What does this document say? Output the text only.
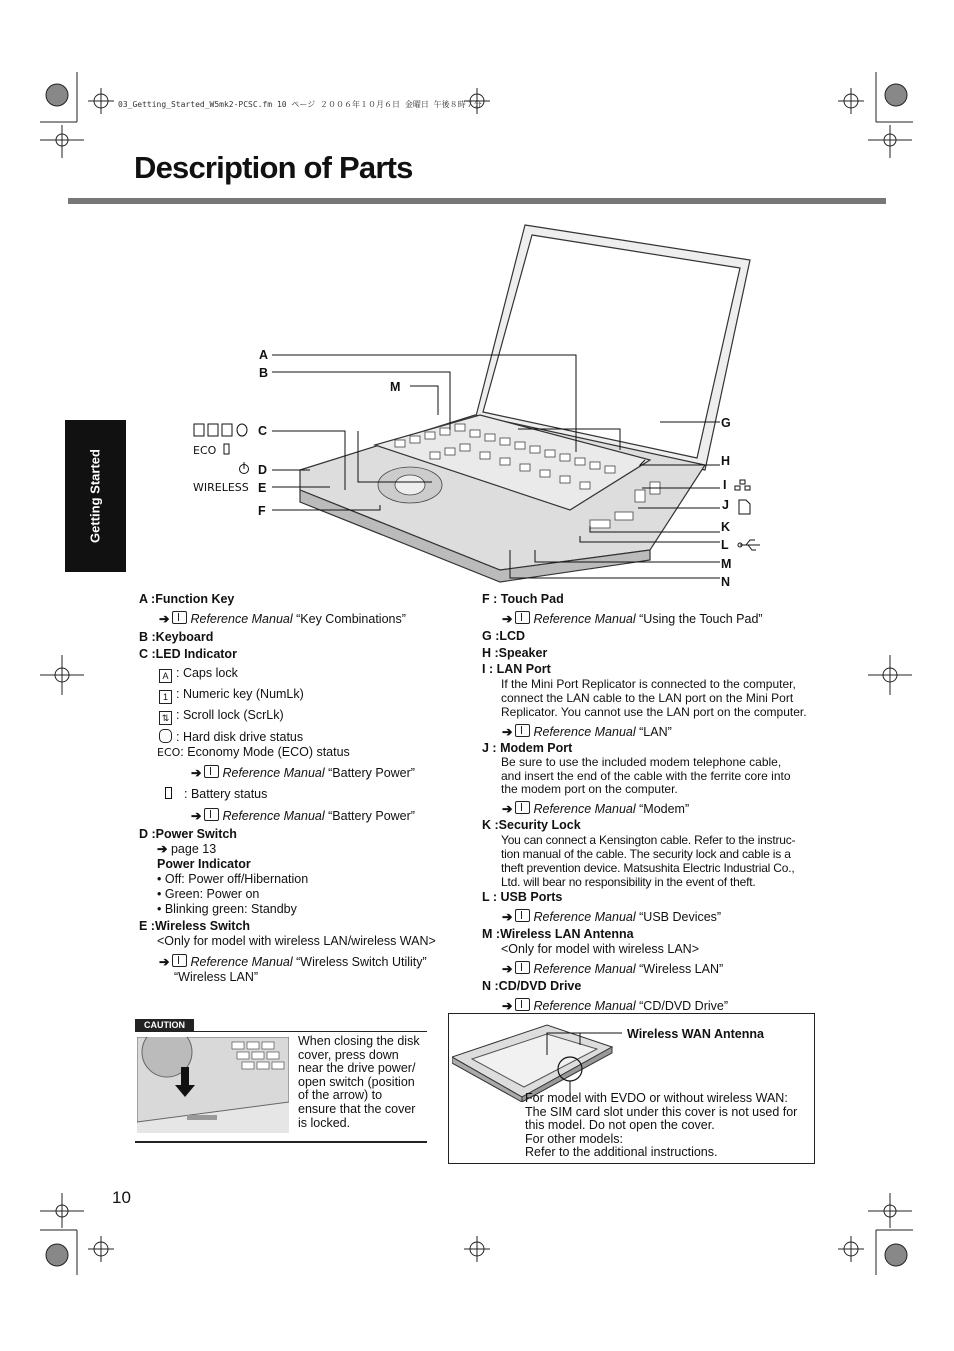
03_Getting_Started_W5mk2-PCSC.fm 10 ページ ２００６年１０月６日 金曜日 午後８時７分
Description of Parts
Getting Started
A
B
C
D
E
F
M
G
H
I
J
K
L
M
N
ECO
WIRELESS
A :Function Key
➔ Reference Manual “Key Combinations”
B :Keyboard
C :LED Indicator
A : Caps lock
1 : Numeric key (NumLk)
⇅ : Scroll lock (ScrLk)
: Hard disk drive status
ECO: Economy Mode (ECO) status
➔ Reference Manual “Battery Power”
: Battery status
➔ Reference Manual “Battery Power”
D :Power Switch
➔ page 13
Power Indicator
• Off: Power off/Hibernation
• Green: Power on
• Blinking green: Standby
E :Wireless Switch
<Only for model with wireless LAN/wireless WAN>
➔ Reference Manual “Wireless Switch Utility”
“Wireless LAN”
F : Touch Pad
➔ Reference Manual “Using the Touch Pad”
G :LCD
H :Speaker
I : LAN Port
If the Mini Port Replicator is connected to the computer,
connect the LAN cable to the LAN port on the Mini Port
Replicator. You cannot use the LAN port on the computer.
➔ Reference Manual “LAN”
J : Modem Port
Be sure to use the included modem telephone cable,
and insert the end of the cable with the ferrite core into
the modem port on the computer.
➔ Reference Manual “Modem”
K :Security Lock
You can connect a Kensington cable. Refer to the instruc-
tion manual of the cable. The security lock and cable is a
theft prevention device. Matsushita Electric Industrial Co.,
Ltd. will bear no responsibility in the event of theft.
L : USB Ports
➔ Reference Manual “USB Devices”
M :Wireless LAN Antenna
<Only for model with wireless LAN>
➔ Reference Manual “Wireless LAN”
N :CD/DVD Drive
➔ Reference Manual “CD/DVD Drive”
CAUTION
When closing the disk
cover, press down
near the drive power/
open switch (position
of the arrow) to
ensure that the cover
is locked.
Wireless WAN Antenna
For model with EVDO or without wireless WAN:
The SIM card slot under this cover is not used for
this model. Do not open the cover.
For other models:
Refer to the additional instructions.
10
